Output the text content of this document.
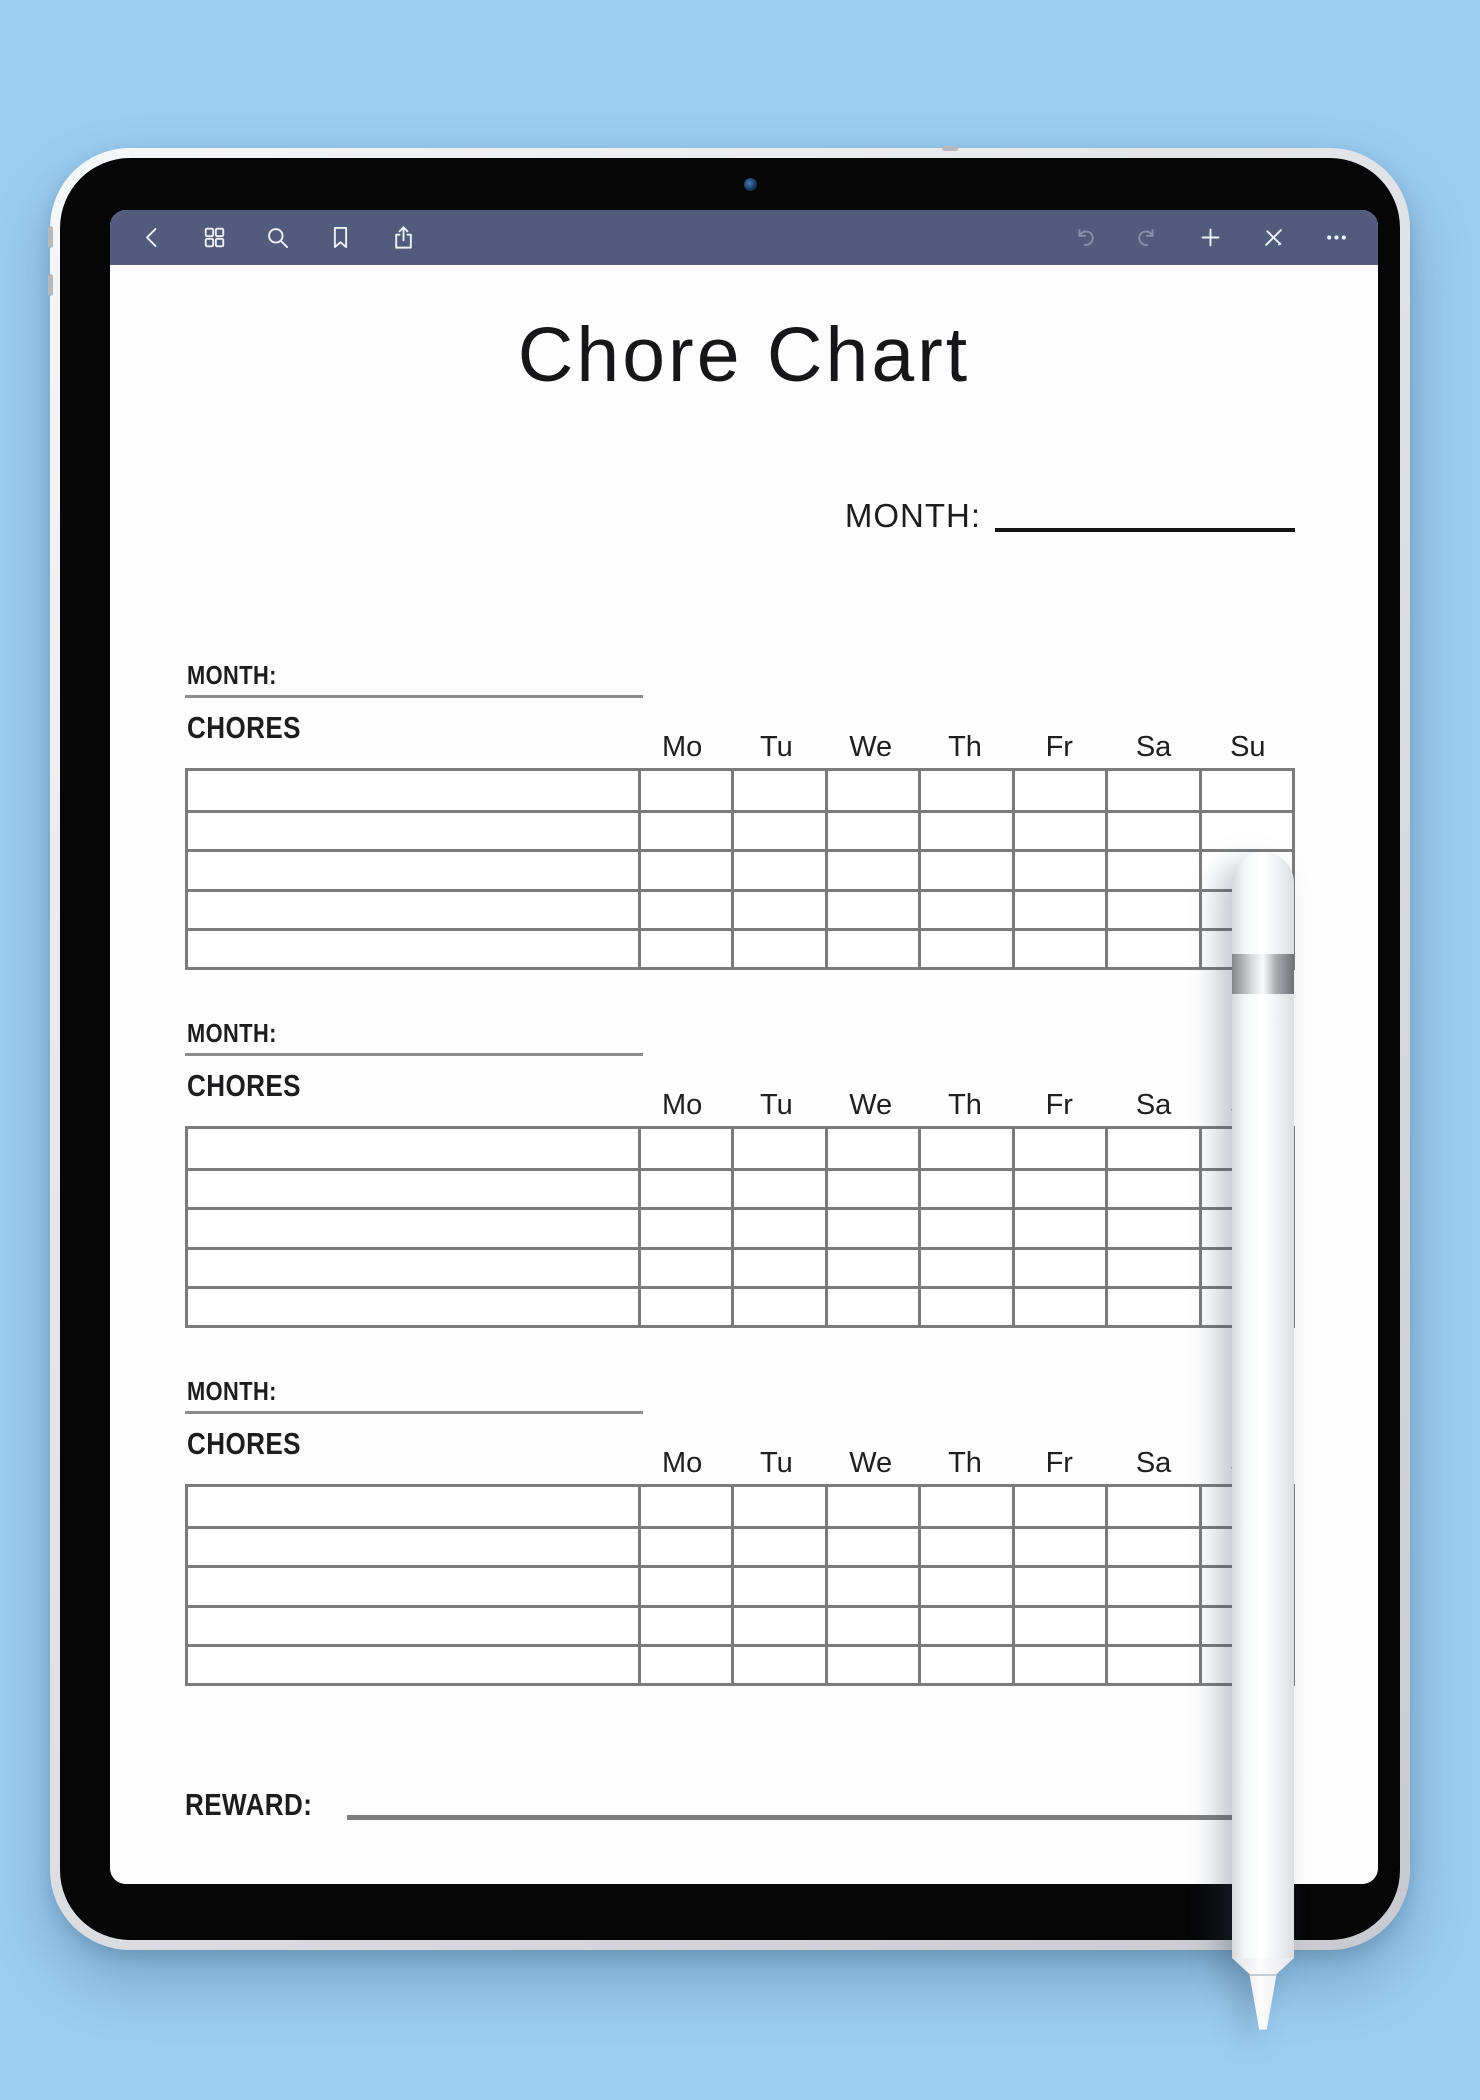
Chore Chart
MONTH:
MONTH:
CHORES
Mo	Tu	We	Th	Fr	Sa	Su
MONTH:
CHORES
Mo	Tu	We	Th	Fr	Sa
MONTH:
CHORES
Mo	Tu	We	Th	Fr	Sa
REWARD:
